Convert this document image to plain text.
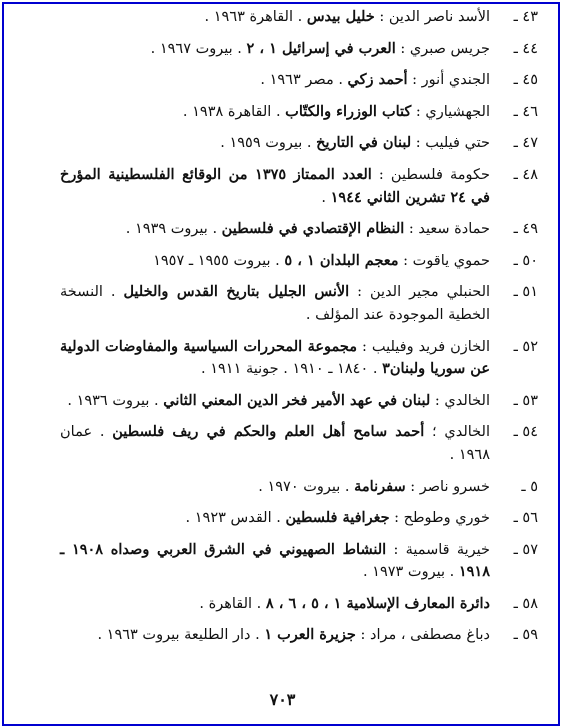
٤٣ ـ
الأسد ناصر الدين : خليل بيدس . القاهرة ١٩٦٣ .
٤٤ ـ
جريس صبري : العرب في إسرائيل ١ ، ٢ . بيروت ١٩٦٧ .
٤٥ ـ
الجندي أنور : أحمد زكي . مصر ١٩٦٣ .
٤٦ ـ
الجهشياري : كتاب الوزراء والكتّاب . القاهرة ١٩٣٨ .
٤٧ ـ
حتي فيليب : لبنان في التاريخ . بيروت ١٩٥٩ .
٤٨ ـ
حكومة فلسطين : العدد الممتاز ١٣٧٥ من الوقائع الفلسطينية المؤرخ في ٢٤ تشرين الثاني ١٩٤٤ .
٤٩ ـ
حمادة سعيد : النظام الإقتصادي في فلسطين . بيروت ١٩٣٩ .
٥٠ ـ
حموي ياقوت : معجم البلدان ١ ، ٥ . بيروت ١٩٥٥ ـ ١٩٥٧
٥١ ـ
الحنبلي مجير الدين : الأنس الجليل بتاريخ القدس والخليل . النسخة الخطية الموجودة عند المؤلف .
٥٢ ـ
الخازن فريد وفيليب : مجموعة المحررات السياسية والمفاوضات الدولية عن سوريا ولبنان٣ . ١٨٤٠ ـ ١٩١٠ . جونية ١٩١١ .
٥٣ ـ
الخالدي : لبنان في عهد الأمير فخر الدين المعني الثاني . بيروت ١٩٣٦ .
٥٤ ـ
الخالدي ؛ أحمد سامح أهل العلم والحكم في ريف فلسطين . عمان ١٩٦٨ .
٥ ـ
خسرو ناصر : سفرنامة . بيروت ١٩٧٠ .
٥٦ ـ
خوري وطوطح : جغرافية فلسطين . القدس ١٩٢٣ .
٥٧ ـ
خيرية قاسمية : النشاط الصهيوني في الشرق العربي وصداه ١٩٠٨ ـ ١٩١٨ . بيروت ١٩٧٣ .
٥٨ ـ
دائرة المعارف الإسلامية ١ ، ٥ ، ٦ ، ٨ . القاهرة .
٥٩ ـ
دباغ مصطفى ، مراد : جزيرة العرب ١ . دار الطليعة بيروت ١٩٦٣ .
٧٠٣
